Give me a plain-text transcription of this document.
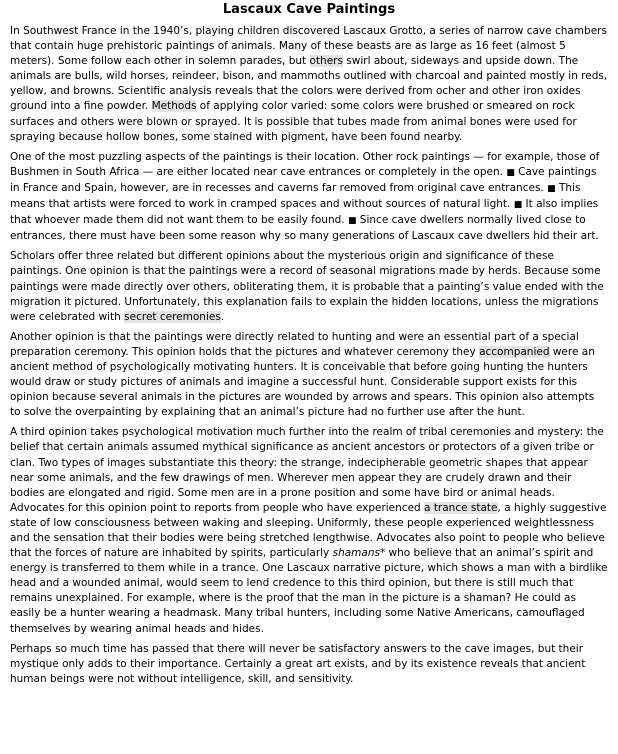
Lascaux Cave Paintings

In Southwest France in the 1940’s, playing children discovered Lascaux Grotto, a series of narrow cave chambers that contain huge prehistoric paintings of animals. Many of these beasts are as large as 16 feet (almost 5 meters). Some follow each other in solemn parades, but others swirl about, sideways and upside down. The animals are bulls, wild horses, reindeer, bison, and mammoths outlined with charcoal and painted mostly in reds, yellow, and browns. Scientific analysis reveals that the colors were derived from ocher and other iron oxides ground into a fine powder. Methods of applying color varied: some colors were brushed or smeared on rock surfaces and others were blown or sprayed. It is possible that tubes made from animal bones were used for spraying because hollow bones, some stained with pigment, have been found nearby.

One of the most puzzling aspects of the paintings is their location. Other rock paintings — for example, those of Bushmen in South Africa — are either located near cave entrances or completely in the open. ■ Cave paintings in France and Spain, however, are in recesses and caverns far removed from original cave entrances. ■ This means that artists were forced to work in cramped spaces and without sources of natural light. ■ It also implies that whoever made them did not want them to be easily found. ■ Since cave dwellers normally lived close to entrances, there must have been some reason why so many generations of Lascaux cave dwellers hid their art.

Scholars offer three related but different opinions about the mysterious origin and significance of these paintings. One opinion is that the paintings were a record of seasonal migrations made by herds. Because some paintings were made directly over others, obliterating them, it is probable that a painting’s value ended with the migration it pictured. Unfortunately, this explanation fails to explain the hidden locations, unless the migrations were celebrated with secret ceremonies.

Another opinion is that the paintings were directly related to hunting and were an essential part of a special preparation ceremony. This opinion holds that the pictures and whatever ceremony they accompanied were an ancient method of psychologically motivating hunters. It is conceivable that before going hunting the hunters would draw or study pictures of animals and imagine a successful hunt. Considerable support exists for this opinion because several animals in the pictures are wounded by arrows and spears. This opinion also attempts to solve the overpainting by explaining that an animal’s picture had no further use after the hunt.

A third opinion takes psychological motivation much further into the realm of tribal ceremonies and mystery: the belief that certain animals assumed mythical significance as ancient ancestors or protectors of a given tribe or clan. Two types of images substantiate this theory: the strange, indecipherable geometric shapes that appear near some animals, and the few drawings of men. Wherever men appear they are crudely drawn and their bodies are elongated and rigid. Some men are in a prone position and some have bird or animal heads. Advocates for this opinion point to reports from people who have experienced a trance state, a highly suggestive state of low consciousness between waking and sleeping. Uniformly, these people experienced weightlessness and the sensation that their bodies were being stretched lengthwise. Advocates also point to people who believe that the forces of nature are inhabited by spirits, particularly shamans* who believe that an animal’s spirit and energy is transferred to them while in a trance. One Lascaux narrative picture, which shows a man with a birdlike head and a wounded animal, would seem to lend credence to this third opinion, but there is still much that remains unexplained. For example, where is the proof that the man in the picture is a shaman? He could as easily be a hunter wearing a headmask. Many tribal hunters, including some Native Americans, camouflaged themselves by wearing animal heads and hides.

Perhaps so much time has passed that there will never be satisfactory answers to the cave images, but their mystique only adds to their importance. Certainly a great art exists, and by its existence reveals that ancient human beings were not without intelligence, skill, and sensitivity.
